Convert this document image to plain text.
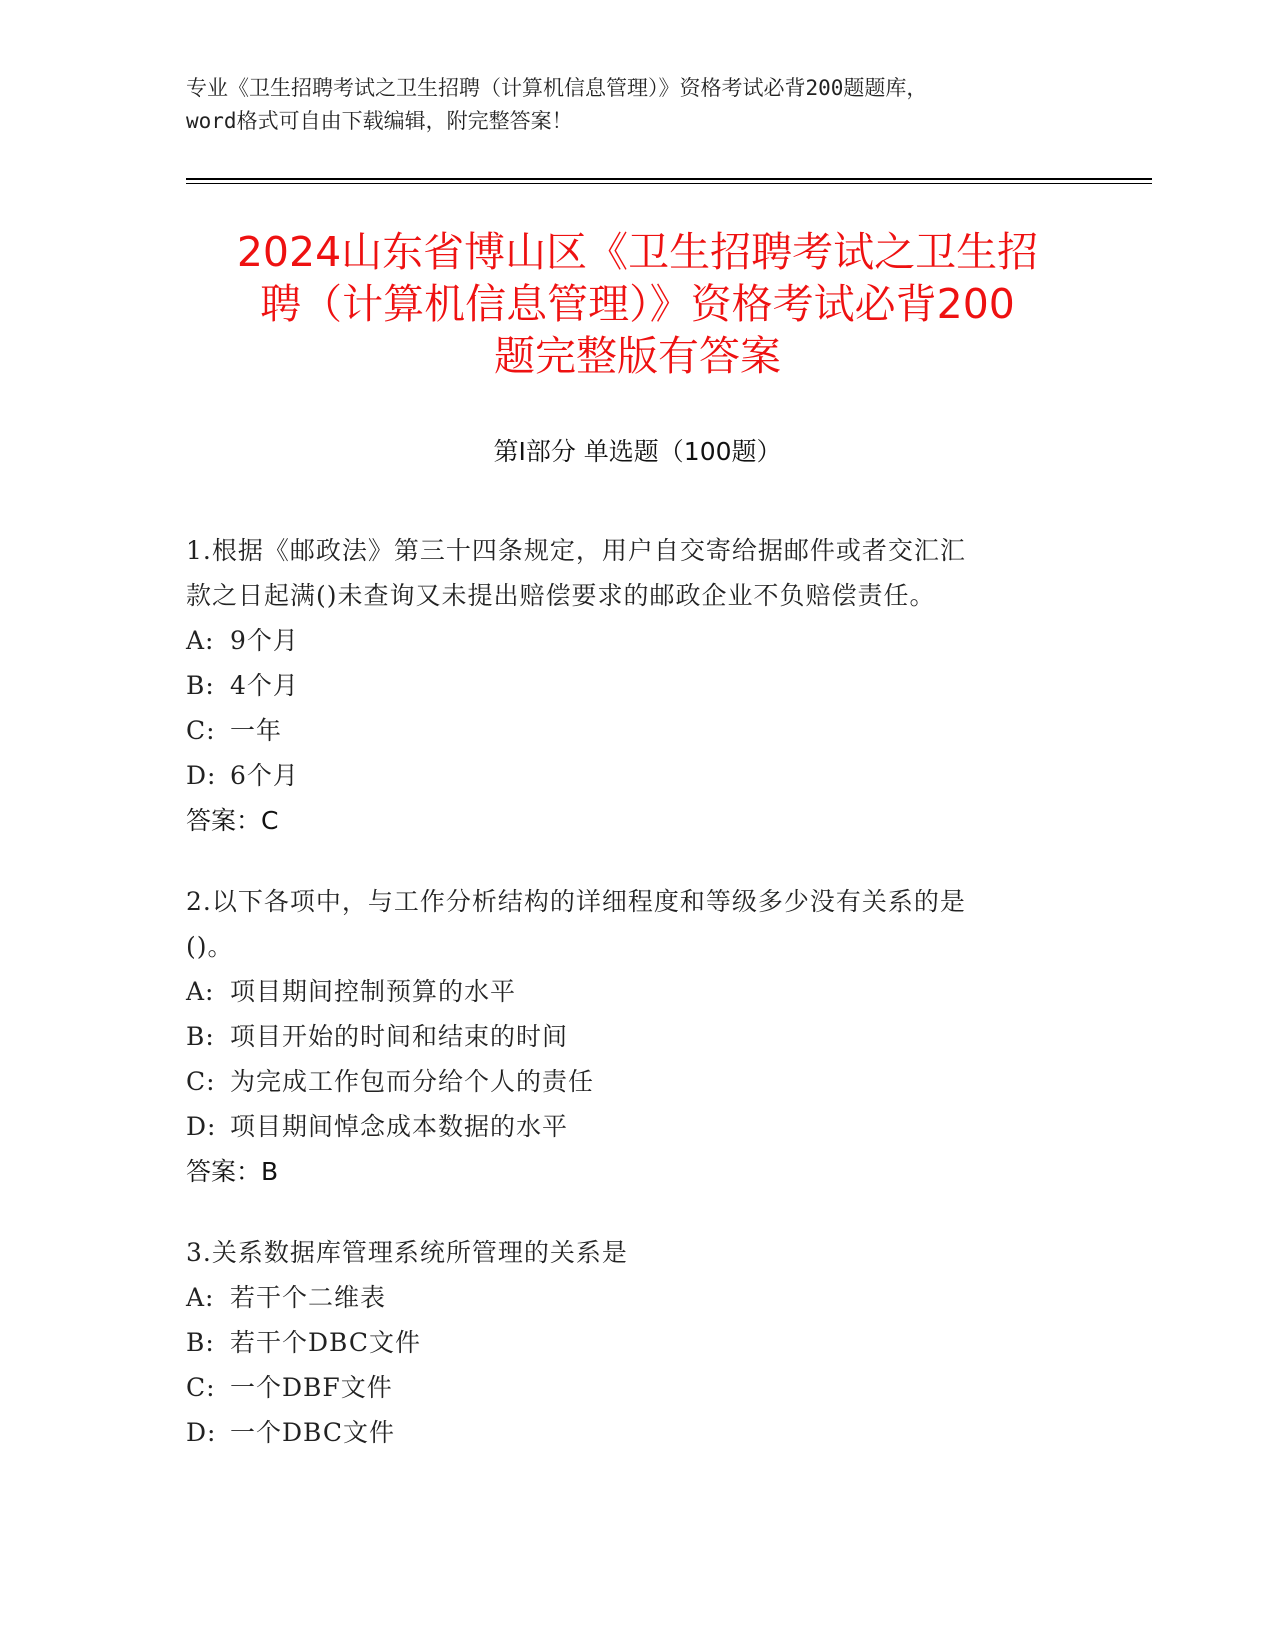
专业《卫生招聘考试之卫生招聘（计算机信息管理）》资格考试必背200题题库，
word格式可自由下载编辑，附完整答案！
2024山东省博山区《卫生招聘考试之卫生招
聘（计算机信息管理）》资格考试必背200
题完整版有答案
第Ⅰ部分 单选题（100题）
1.根据《邮政法》第三十四条规定，用户自交寄给据邮件或者交汇汇
款之日起满()未查询又未提出赔偿要求的邮政企业不负赔偿责任。
A: 9个月
B: 4个月
C: 一年
D: 6个月
答案：C
2.以下各项中，与工作分析结构的详细程度和等级多少没有关系的是
()。
A: 项目期间控制预算的水平
B: 项目开始的时间和结束的时间
C: 为完成工作包而分给个人的责任
D: 项目期间悼念成本数据的水平
答案：B
3.关系数据库管理系统所管理的关系是
A: 若干个二维表
B: 若干个DBC文件
C: 一个DBF文件
D: 一个DBC文件
